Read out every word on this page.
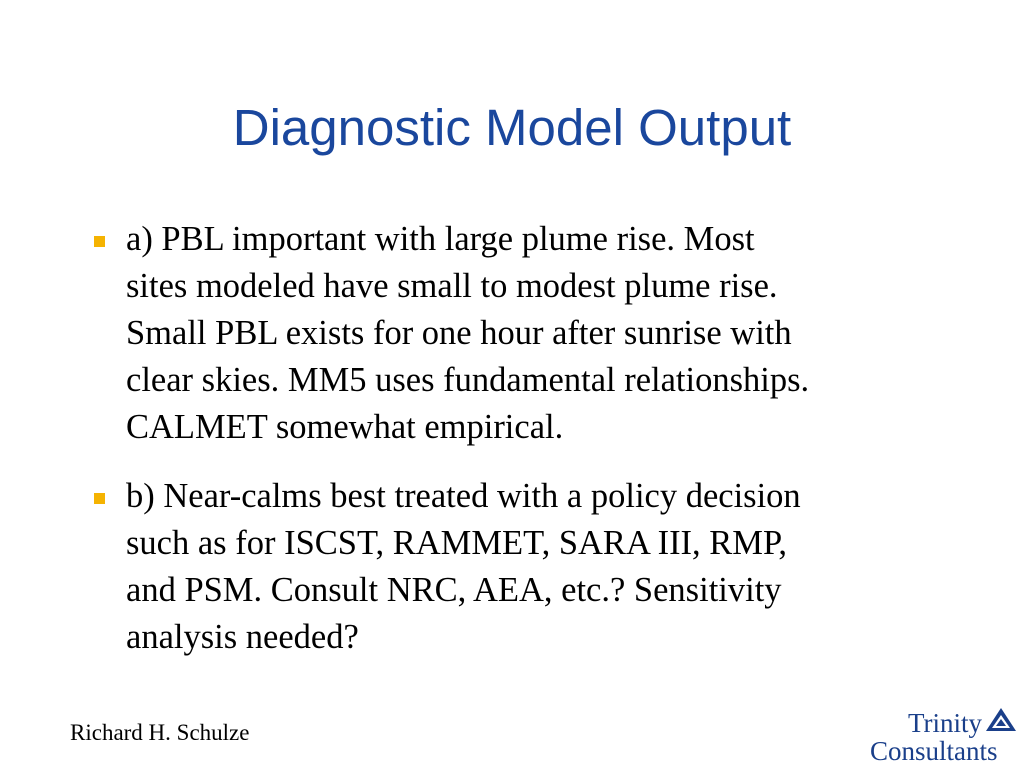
Diagnostic Model Output
a) PBL important with large plume rise. Most
sites modeled have small to modest plume rise.
Small PBL exists for one hour after sunrise with
clear skies. MM5 uses fundamental relationships.
CALMET somewhat empirical.
b) Near-calms best treated with a policy decision
such as for ISCST, RAMMET, SARA III, RMP,
and PSM. Consult NRC, AEA, etc.? Sensitivity
analysis needed?
Richard H. Schulze	Trinity
Consultants
